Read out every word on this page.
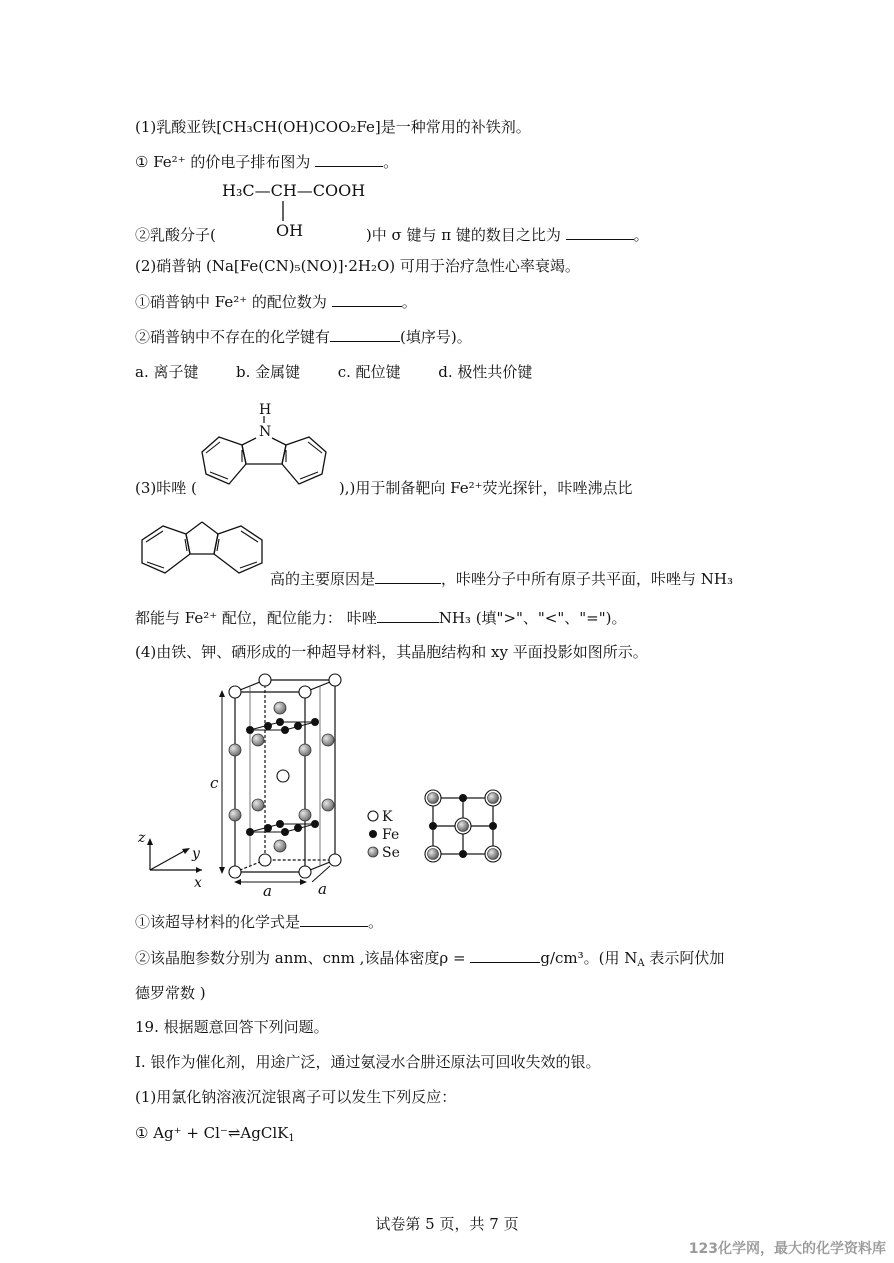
(1)乳酸亚铁[CH₃CH(OH)COO₂Fe]是一种常用的补铁剂。
① Fe²⁺ 的价电子排布图为	。
H₃C—CH—COOH
OH
②乳酸分子(	)中 σ 键与 π 键的数目之比为	。
(2)硝普钠 (Na[Fe(CN)₅(NO)]·2H₂O) 可用于治疗急性心率衰竭。
①硝普钠中 Fe²⁺ 的配位数为	。
②硝普钠中不存在的化学键有	(填序号)。
a. 离子键	b. 金属键	c. 配位键	d. 极性共价键
H
N
(3)咔唑 (	),)用于制备靶向 Fe²⁺荧光探针，咔唑沸点比
高的主要原因是	，咔唑分子中所有原子共平面，咔唑与 NH₃
都能与 Fe²⁺ 配位，配位能力： 咔唑	NH₃ (填">"、"<"、"=")。
(4)由铁、钾、硒形成的一种超导材料，其晶胞结构和 xy 平面投影如图所示。
z
y
x
c
a	a
K
Fe
Se
①该超导材料的化学式是	。
②该晶胞参数分别为 anm、cnm ,该晶体密度ρ =	g/cm³。(用 $N_A$ 表示阿伏加
德罗常数 )
19. 根据题意回答下列问题。
I. 银作为催化剂，用途广泛，通过氨浸水合肼还原法可回收失效的银。
(1)用氯化钠溶液沉淀银离子可以发生下列反应：
① Ag⁺ + Cl⁻⇌AgClK$_1$
试卷第 5 页，共 7 页
123化学网，最大的化学资料库
